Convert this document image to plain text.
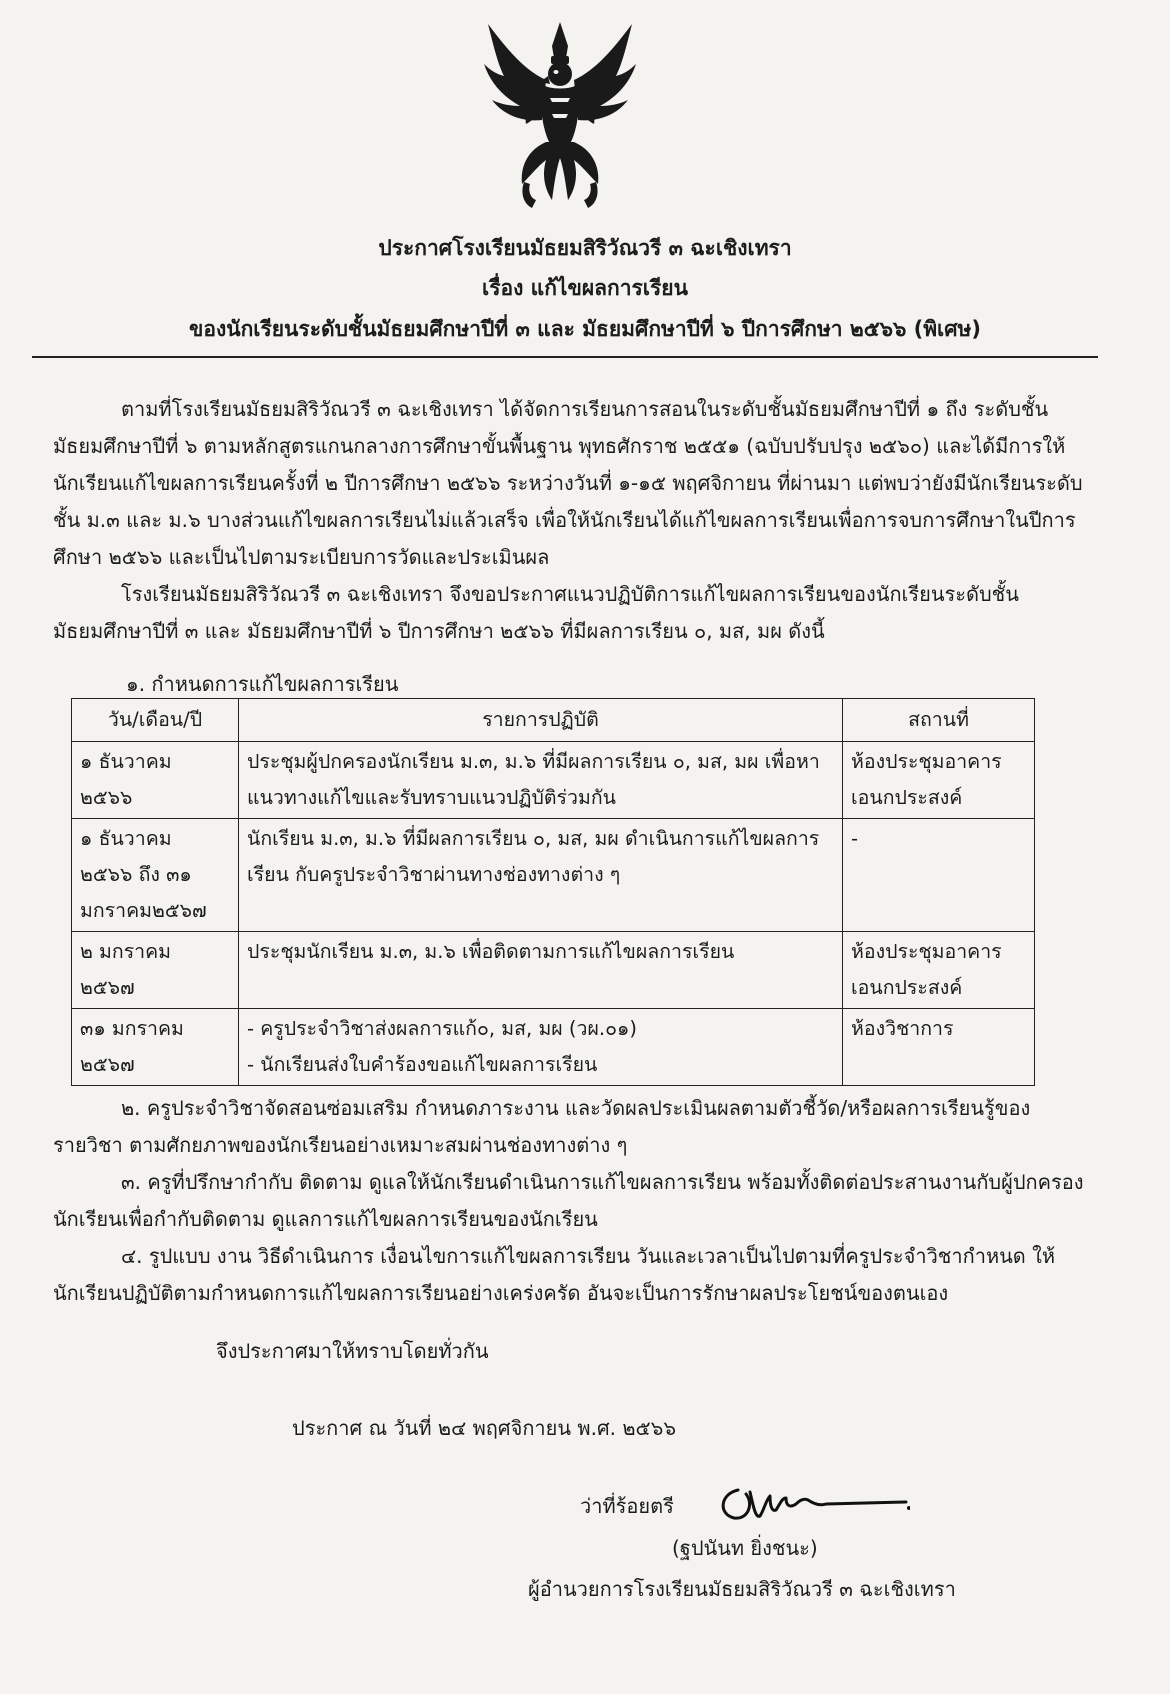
ประกาศโรงเรียนมัธยมสิริวัณวรี ๓ ฉะเชิงเทรา
เรื่อง แก้ไขผลการเรียน
ของนักเรียนระดับชั้นมัธยมศึกษาปีที่ ๓ และ มัธยมศึกษาปีที่ ๖ ปีการศึกษา ๒๕๖๖ (พิเศษ)

ตามที่โรงเรียนมัธยมสิริวัณวรี ๓ ฉะเชิงเทรา ได้จัดการเรียนการสอนในระดับชั้นมัธยมศึกษาปีที่ ๑ ถึง ระดับชั้นมัธยมศึกษาปีที่ ๖ ตามหลักสูตรแกนกลางการศึกษาขั้นพื้นฐาน พุทธศักราช ๒๕๕๑ (ฉบับปรับปรุง ๒๕๖๐) และได้มีการให้นักเรียนแก้ไขผลการเรียนครั้งที่ ๒ ปีการศึกษา ๒๕๖๖ ระหว่างวันที่ ๑-๑๕ พฤศจิกายน ที่ผ่านมา แต่พบว่ายังมีนักเรียนระดับชั้น ม.๓ และ ม.๖ บางส่วนแก้ไขผลการเรียนไม่แล้วเสร็จ เพื่อให้นักเรียนได้แก้ไขผลการเรียนเพื่อการจบการศึกษาในปีการศึกษา ๒๕๖๖ และเป็นไปตามระเบียบการวัดและประเมินผล

โรงเรียนมัธยมสิริวัณวรี ๓ ฉะเชิงเทรา จึงขอประกาศแนวปฏิบัติการแก้ไขผลการเรียนของนักเรียนระดับชั้นมัธยมศึกษาปีที่ ๓ และ มัธยมศึกษาปีที่ ๖ ปีการศึกษา ๒๕๖๖ ที่มีผลการเรียน ๐, มส, มผ ดังนี้

๑. กำหนดการแก้ไขผลการเรียน
วัน/เดือน/ปี	รายการปฏิบัติ	สถานที่
๑ ธันวาคม ๒๕๖๖	ประชุมผู้ปกครองนักเรียน ม.๓, ม.๖ ที่มีผลการเรียน ๐, มส, มผ เพื่อหาแนวทางแก้ไขและรับทราบแนวปฏิบัติร่วมกัน	ห้องประชุมอาคารเอนกประสงค์
๑ ธันวาคม ๒๕๖๖ ถึง ๓๑ มกราคม๒๕๖๗	นักเรียน ม.๓, ม.๖ ที่มีผลการเรียน ๐, มส, มผ ดำเนินการแก้ไขผลการเรียน กับครูประจำวิชาผ่านทางช่องทางต่าง ๆ	-
๒ มกราคม ๒๕๖๗	ประชุมนักเรียน ม.๓, ม.๖ เพื่อติดตามการแก้ไขผลการเรียน	ห้องประชุมอาคารเอนกประสงค์
๓๑ มกราคม ๒๕๖๗	- ครูประจำวิชาส่งผลการแก้๐, มส, มผ (วผ.๐๑)
- นักเรียนส่งใบคำร้องขอแก้ไขผลการเรียน	ห้องวิชาการ

๒. ครูประจำวิชาจัดสอนซ่อมเสริม กำหนดภาระงาน และวัดผลประเมินผลตามตัวชี้วัด/หรือผลการเรียนรู้ของรายวิชา ตามศักยภาพของนักเรียนอย่างเหมาะสมผ่านช่องทางต่าง ๆ

๓. ครูที่ปรึกษากำกับ ติดตาม ดูแลให้นักเรียนดำเนินการแก้ไขผลการเรียน พร้อมทั้งติดต่อประสานงานกับผู้ปกครองนักเรียนเพื่อกำกับติดตาม ดูแลการแก้ไขผลการเรียนของนักเรียน

๔. รูปแบบ งาน วิธีดำเนินการ เงื่อนไขการแก้ไขผลการเรียน วันและเวลาเป็นไปตามที่ครูประจำวิชากำหนด ให้นักเรียนปฏิบัติตามกำหนดการแก้ไขผลการเรียนอย่างเคร่งครัด อันจะเป็นการรักษาผลประโยชน์ของตนเอง

จึงประกาศมาให้ทราบโดยทั่วกัน
ประกาศ ณ วันที่ ๒๔ พฤศจิกายน พ.ศ. ๒๕๖๖
ว่าที่ร้อยตรี
(ฐปนันท ยิ่งชนะ)
ผู้อำนวยการโรงเรียนมัธยมสิริวัณวรี ๓ ฉะเชิงเทรา
